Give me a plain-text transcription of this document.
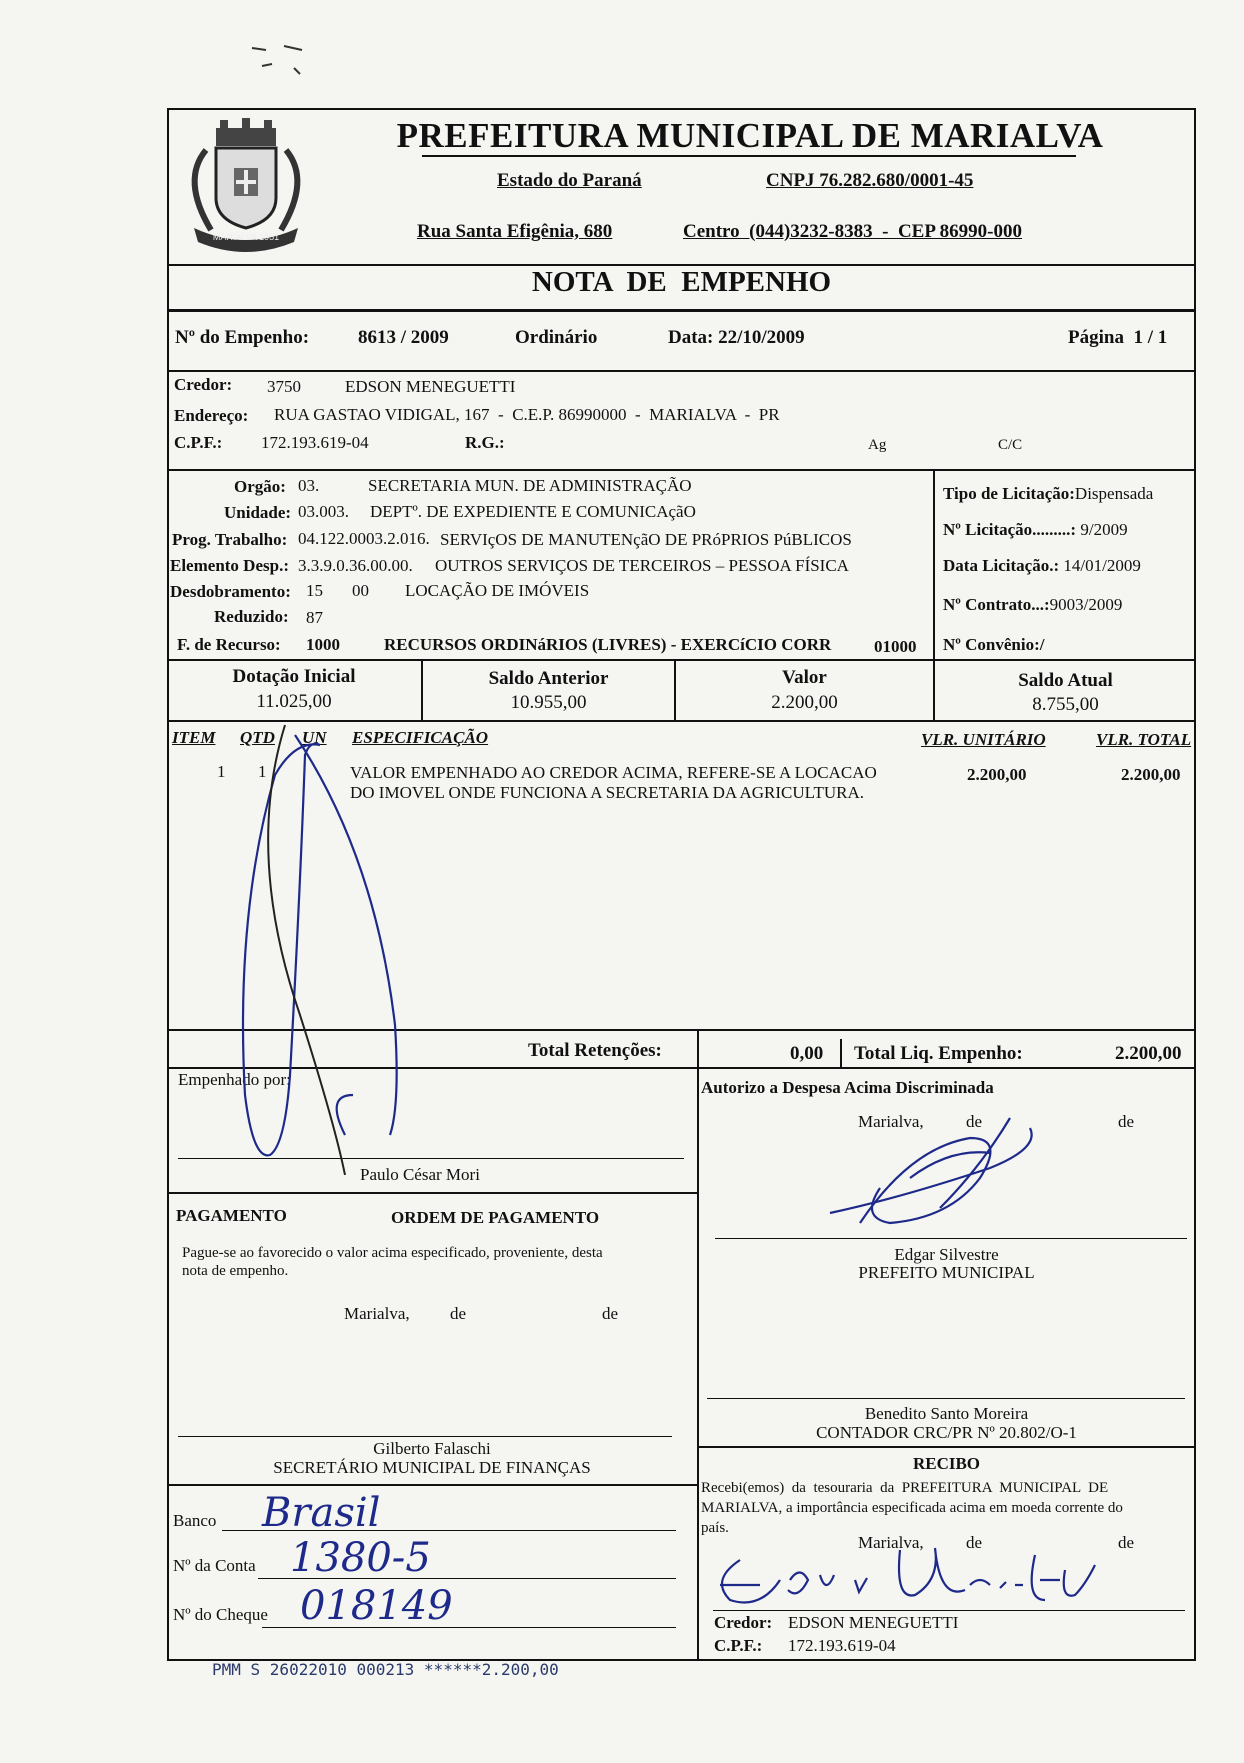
MARIALVA 1951
PREFEITURA MUNICIPAL DE MARIALVA
Estado do Paraná	CNPJ 76.282.680/0001-45
Rua Santa Efigênia, 680	Centro  (044)3232-8383  -  CEP 86990-000
NOTA  DE  EMPENHO
Nº do Empenho:	8613 / 2009	Ordinário	Data: 22/10/2009	Página  1 / 1
Credor: 3750	EDSON MENEGUETTI
Endereço: RUA GASTAO VIDIGAL, 167  -  C.E.P. 86990000  -  MARIALVA  -  PR
C.P.F.: 172.193.619-04	R.G.:	Ag	C/C
Orgão: 03.	SECRETARIA MUN. DE ADMINISTRAÇÃO
Unidade: 03.003. DEPTº. DE EXPEDIENTE E COMUNICAçãO
Prog. Trabalho: 04.122.0003.2.016. SERVIçOS DE MANUTENçãO DE PRóPRIOS PúBLICOS
Elemento Desp.: 3.3.9.0.36.00.00. OUTROS SERVIÇOS DE TERCEIROS – PESSOA FÍSICA
Desdobramento: 15 00 LOCAÇÃO DE IMÓVEIS
Reduzido: 87
F. de Recurso: 1000	RECURSOS ORDINáRIOS (LIVRES) - EXERCíCIO CORR	01000
Tipo de Licitação:Dispensada
Nº Licitação.........: 9/2009
Data Licitação.: 14/01/2009
Nº Contrato...:9003/2009
Nº Convênio:/
Dotação Inicial
11.025,00
Saldo Anterior
10.955,00
Valor
2.200,00
Saldo Atual
8.755,00
ITEM QTD UN ESPECIFICAÇÃO	VLR. UNITÁRIO	VLR. TOTAL
1 1	VALOR EMPENHADO AO CREDOR ACIMA, REFERE-SE A LOCACAO
DO IMOVEL ONDE FUNCIONA A SECRETARIA DA AGRICULTURA.
2.200,00	2.200,00
Total Retenções:	0,00 Total Liq. Empenho:	2.200,00
Empenhado por:
Paulo César Mori
Autorizo a Despesa Acima Discriminada
Marialva, de	de
Edgar Silvestre
PREFEITO MUNICIPAL
PAGAMENTO	ORDEM DE PAGAMENTO
Pague-se ao favorecido o valor acima especificado, proveniente, desta
nota de empenho.
Marialva, de	de
Gilberto Falaschi
SECRETÁRIO MUNICIPAL DE FINANÇAS
Banco Brasil
Nº da Conta 1380-5
Nº do Cheque 018149
Benedito Santo Moreira
CONTADOR CRC/PR Nº 20.802/O-1
RECIBO
Recebi(emos)  da  tesouraria  da  PREFEITURA  MUNICIPAL  DE
MARIALVA, a importância especificada acima em moeda corrente do
país.
Marialva, de	de
Credor: EDSON MENEGUETTI
C.P.F.: 172.193.619-04
PMM S 26022010 000213 ******2.200,00
